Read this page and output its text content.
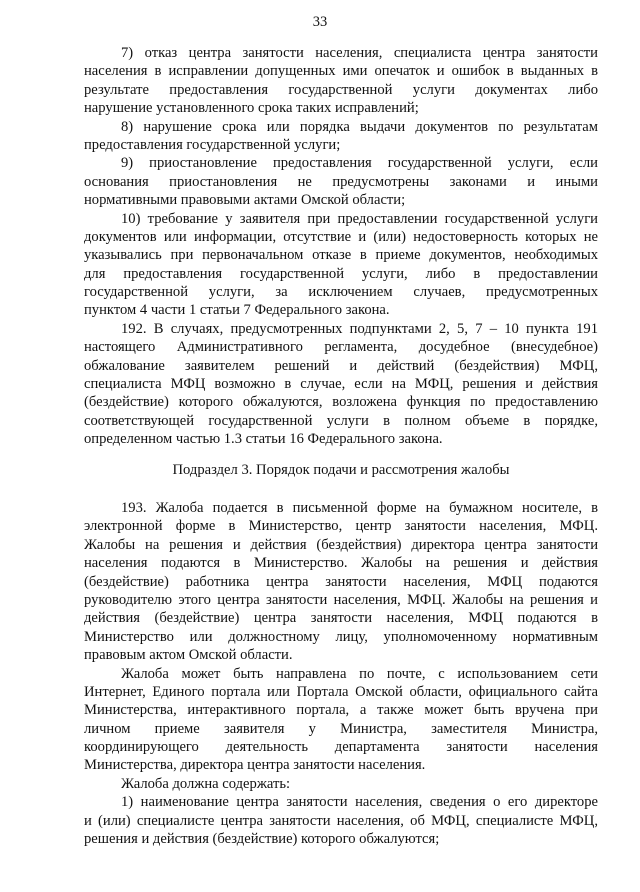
33
7) отказ центра занятости населения, специалиста центра занятости
населения в исправлении допущенных ими опечаток и ошибок в выданных в
результате предоставления государственной услуги документах либо
нарушение установленного срока таких исправлений;
8) нарушение срока или порядка выдачи документов по результатам
предоставления государственной услуги;
9) приостановление предоставления государственной услуги, если
основания приостановления не предусмотрены законами и иными
нормативными правовыми актами Омской области;
10) требование у заявителя при предоставлении государственной услуги
документов или информации, отсутствие и (или) недостоверность которых не
указывались при первоначальном отказе в приеме документов, необходимых
для предоставления государственной услуги, либо в предоставлении
государственной услуги, за исключением случаев, предусмотренных
пунктом 4 части 1 статьи 7 Федерального закона.
192. В случаях, предусмотренных подпунктами 2, 5, 7 – 10 пункта 191
настоящего Административного регламента, досудебное (внесудебное)
обжалование заявителем решений и действий (бездействия) МФЦ,
специалиста МФЦ возможно в случае, если на МФЦ, решения и действия
(бездействие) которого обжалуются, возложена функция по предоставлению
соответствующей государственной услуги в полном объеме в порядке,
определенном частью 1.3 статьи 16 Федерального закона.
Подраздел 3. Порядок подачи и рассмотрения жалобы
193. Жалоба подается в письменной форме на бумажном носителе, в
электронной форме в Министерство, центр занятости населения, МФЦ.
Жалобы на решения и действия (бездействия) директора центра занятости
населения подаются в Министерство. Жалобы на решения и действия
(бездействие) работника центра занятости населения, МФЦ подаются
руководителю этого центра занятости населения, МФЦ. Жалобы на решения и
действия (бездействие) центра занятости населения, МФЦ подаются в
Министерство или должностному лицу, уполномоченному нормативным
правовым актом Омской области.
Жалоба может быть направлена по почте, с использованием сети
Интернет, Единого портала или Портала Омской области, официального сайта
Министерства, интерактивного портала, а также может быть вручена при
личном приеме заявителя у Министра, заместителя Министра,
координирующего деятельность департамента занятости населения
Министерства, директора центра занятости населения.
Жалоба должна содержать:
1) наименование центра занятости населения, сведения о его директоре
и (или) специалисте центра занятости населения, об МФЦ, специалисте МФЦ,
решения и действия (бездействие) которого обжалуются;
